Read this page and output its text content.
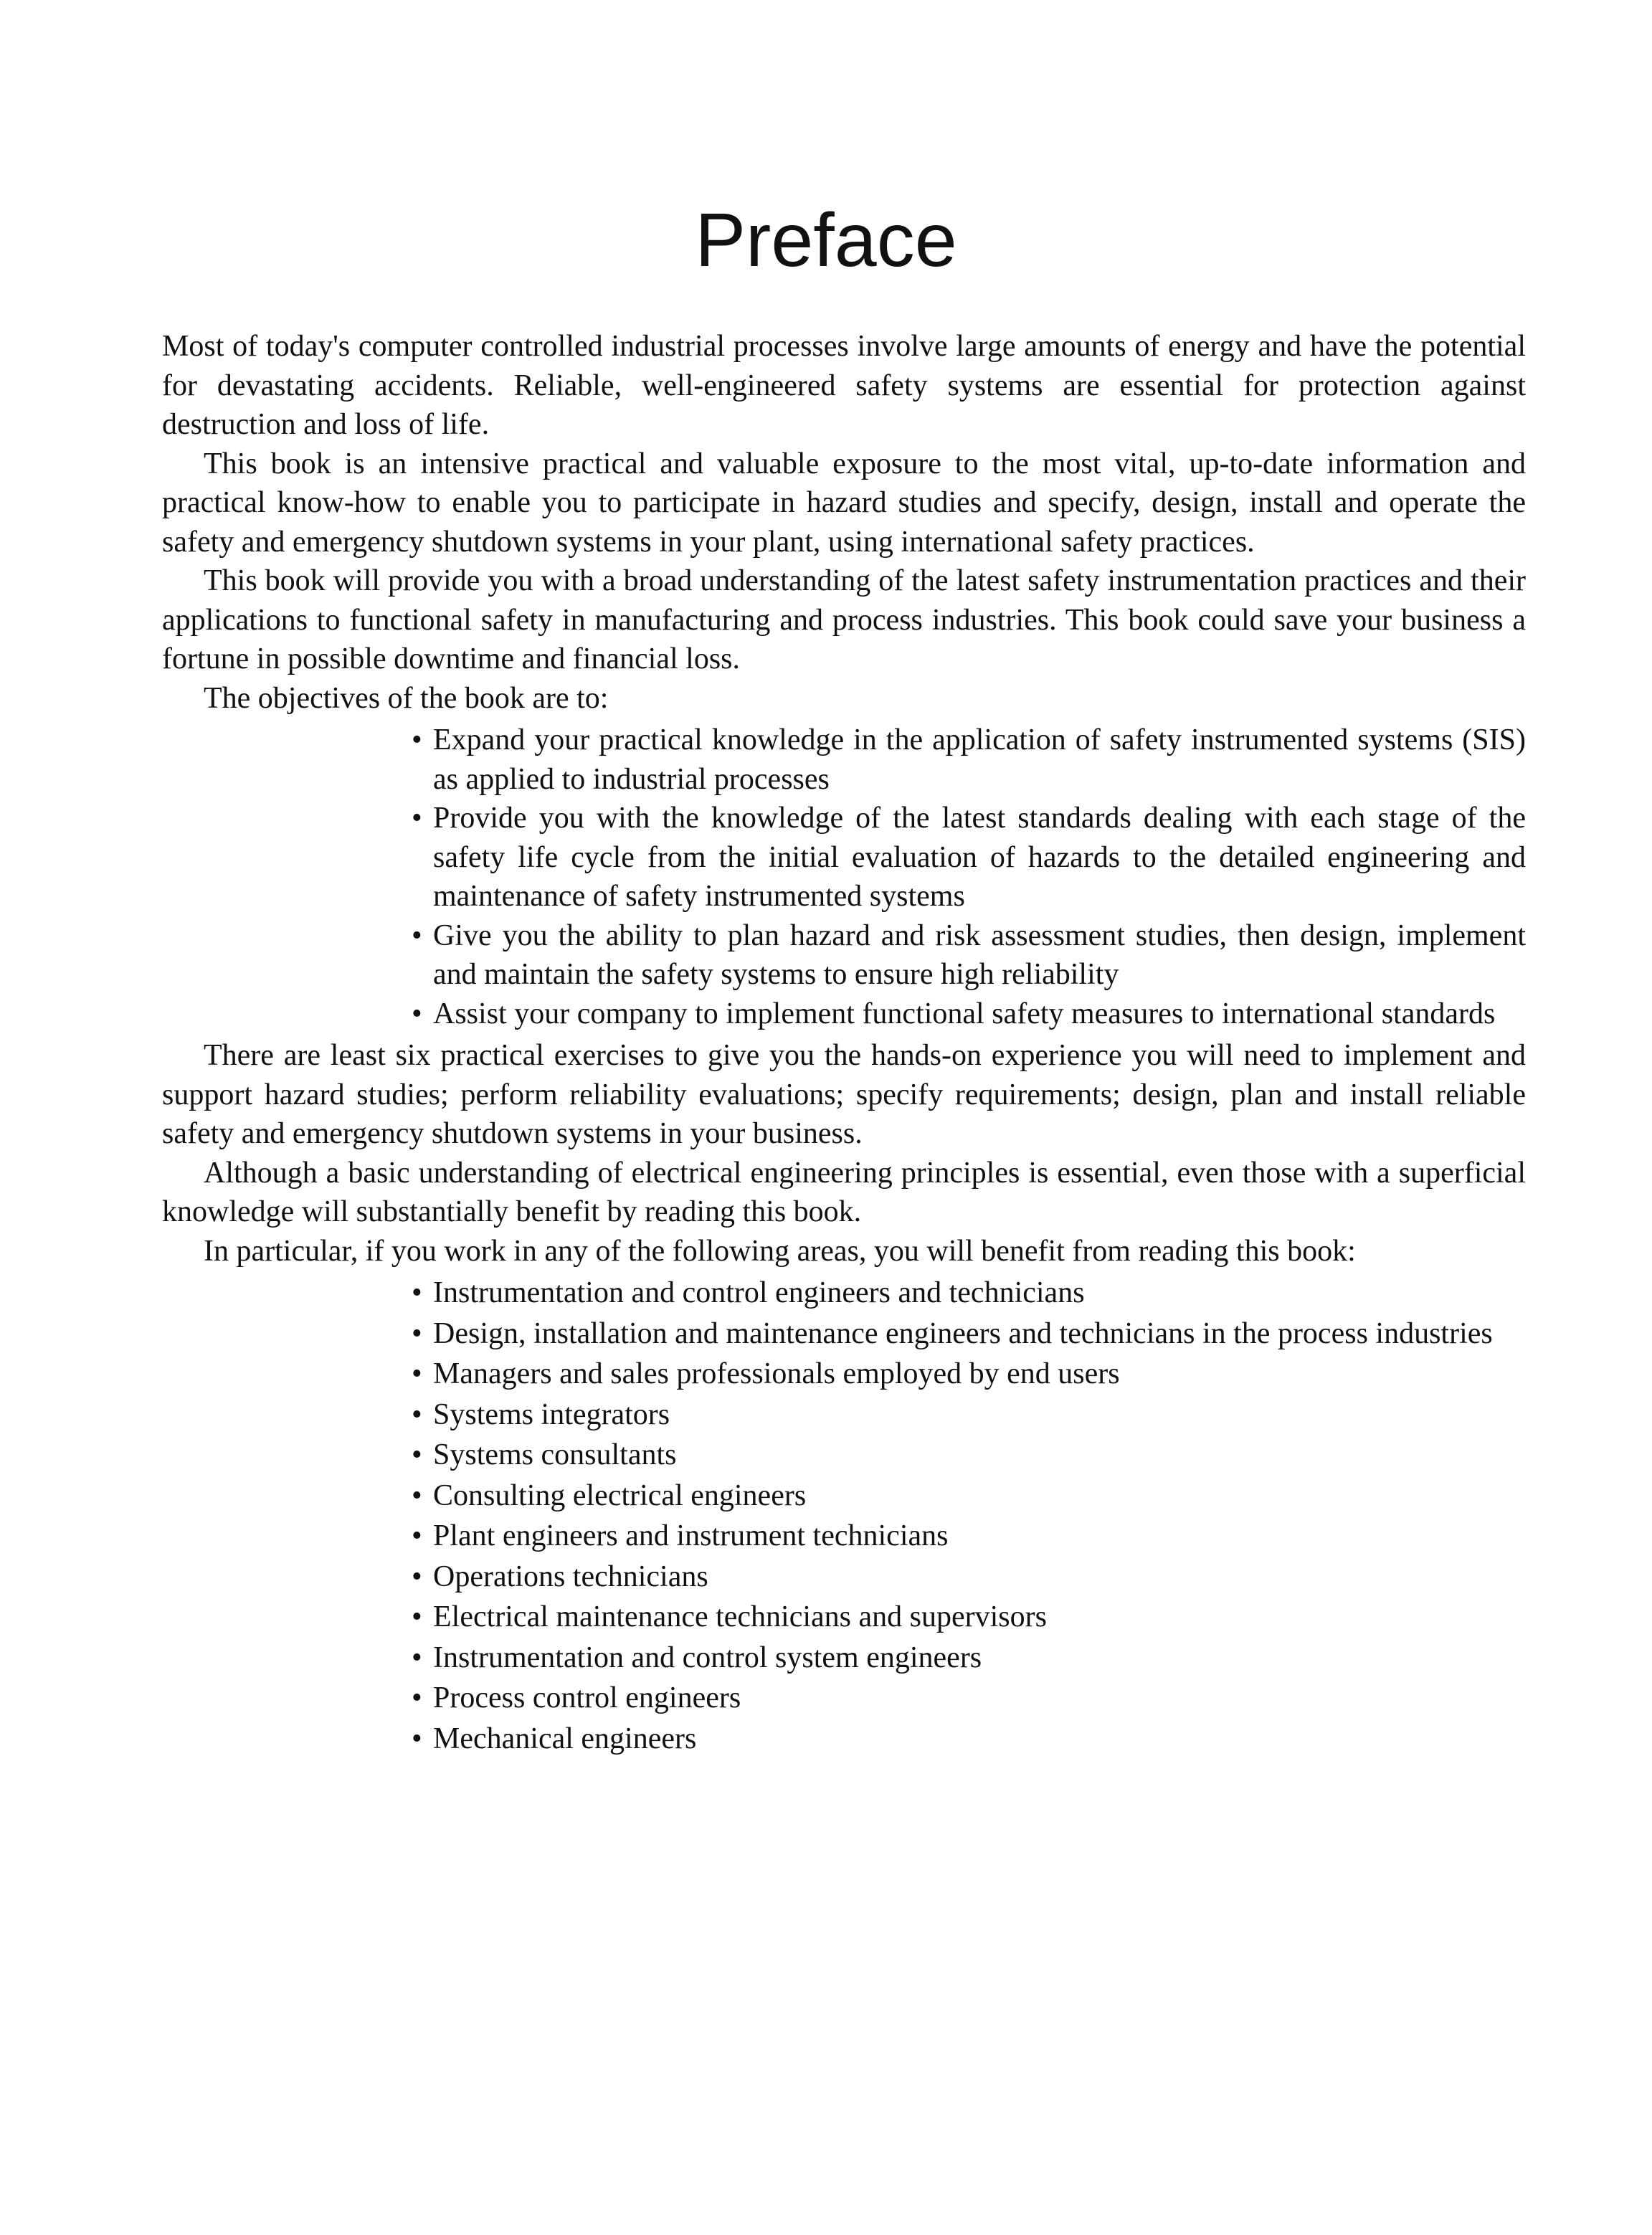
Preface

Most of today's computer controlled industrial processes involve large amounts of energy and have the potential for devastating accidents. Reliable, well-engineered safety systems are essential for protection against destruction and loss of life.

This book is an intensive practical and valuable exposure to the most vital, up-to-date information and practical know-how to enable you to participate in hazard studies and specify, design, install and operate the safety and emergency shutdown systems in your plant, using international safety practices.

This book will provide you with a broad understanding of the latest safety instrumentation practices and their applications to functional safety in manufacturing and process industries. This book could save your business a fortune in possible downtime and financial loss.

The objectives of the book are to:

• Expand your practical knowledge in the application of safety instrumented systems (SIS) as applied to industrial processes
• Provide you with the knowledge of the latest standards dealing with each stage of the safety life cycle from the initial evaluation of hazards to the detailed engineering and maintenance of safety instrumented systems
• Give you the ability to plan hazard and risk assessment studies, then design, implement and maintain the safety systems to ensure high reliability
• Assist your company to implement functional safety measures to international standards

There are least six practical exercises to give you the hands-on experience you will need to implement and support hazard studies; perform reliability evaluations; specify requirements; design, plan and install reliable safety and emergency shutdown systems in your business.

Although a basic understanding of electrical engineering principles is essential, even those with a superficial knowledge will substantially benefit by reading this book.

In particular, if you work in any of the following areas, you will benefit from reading this book:

• Instrumentation and control engineers and technicians
• Design, installation and maintenance engineers and technicians in the process industries
• Managers and sales professionals employed by end users
• Systems integrators
• Systems consultants
• Consulting electrical engineers
• Plant engineers and instrument technicians
• Operations technicians
• Electrical maintenance technicians and supervisors
• Instrumentation and control system engineers
• Process control engineers
• Mechanical engineers
